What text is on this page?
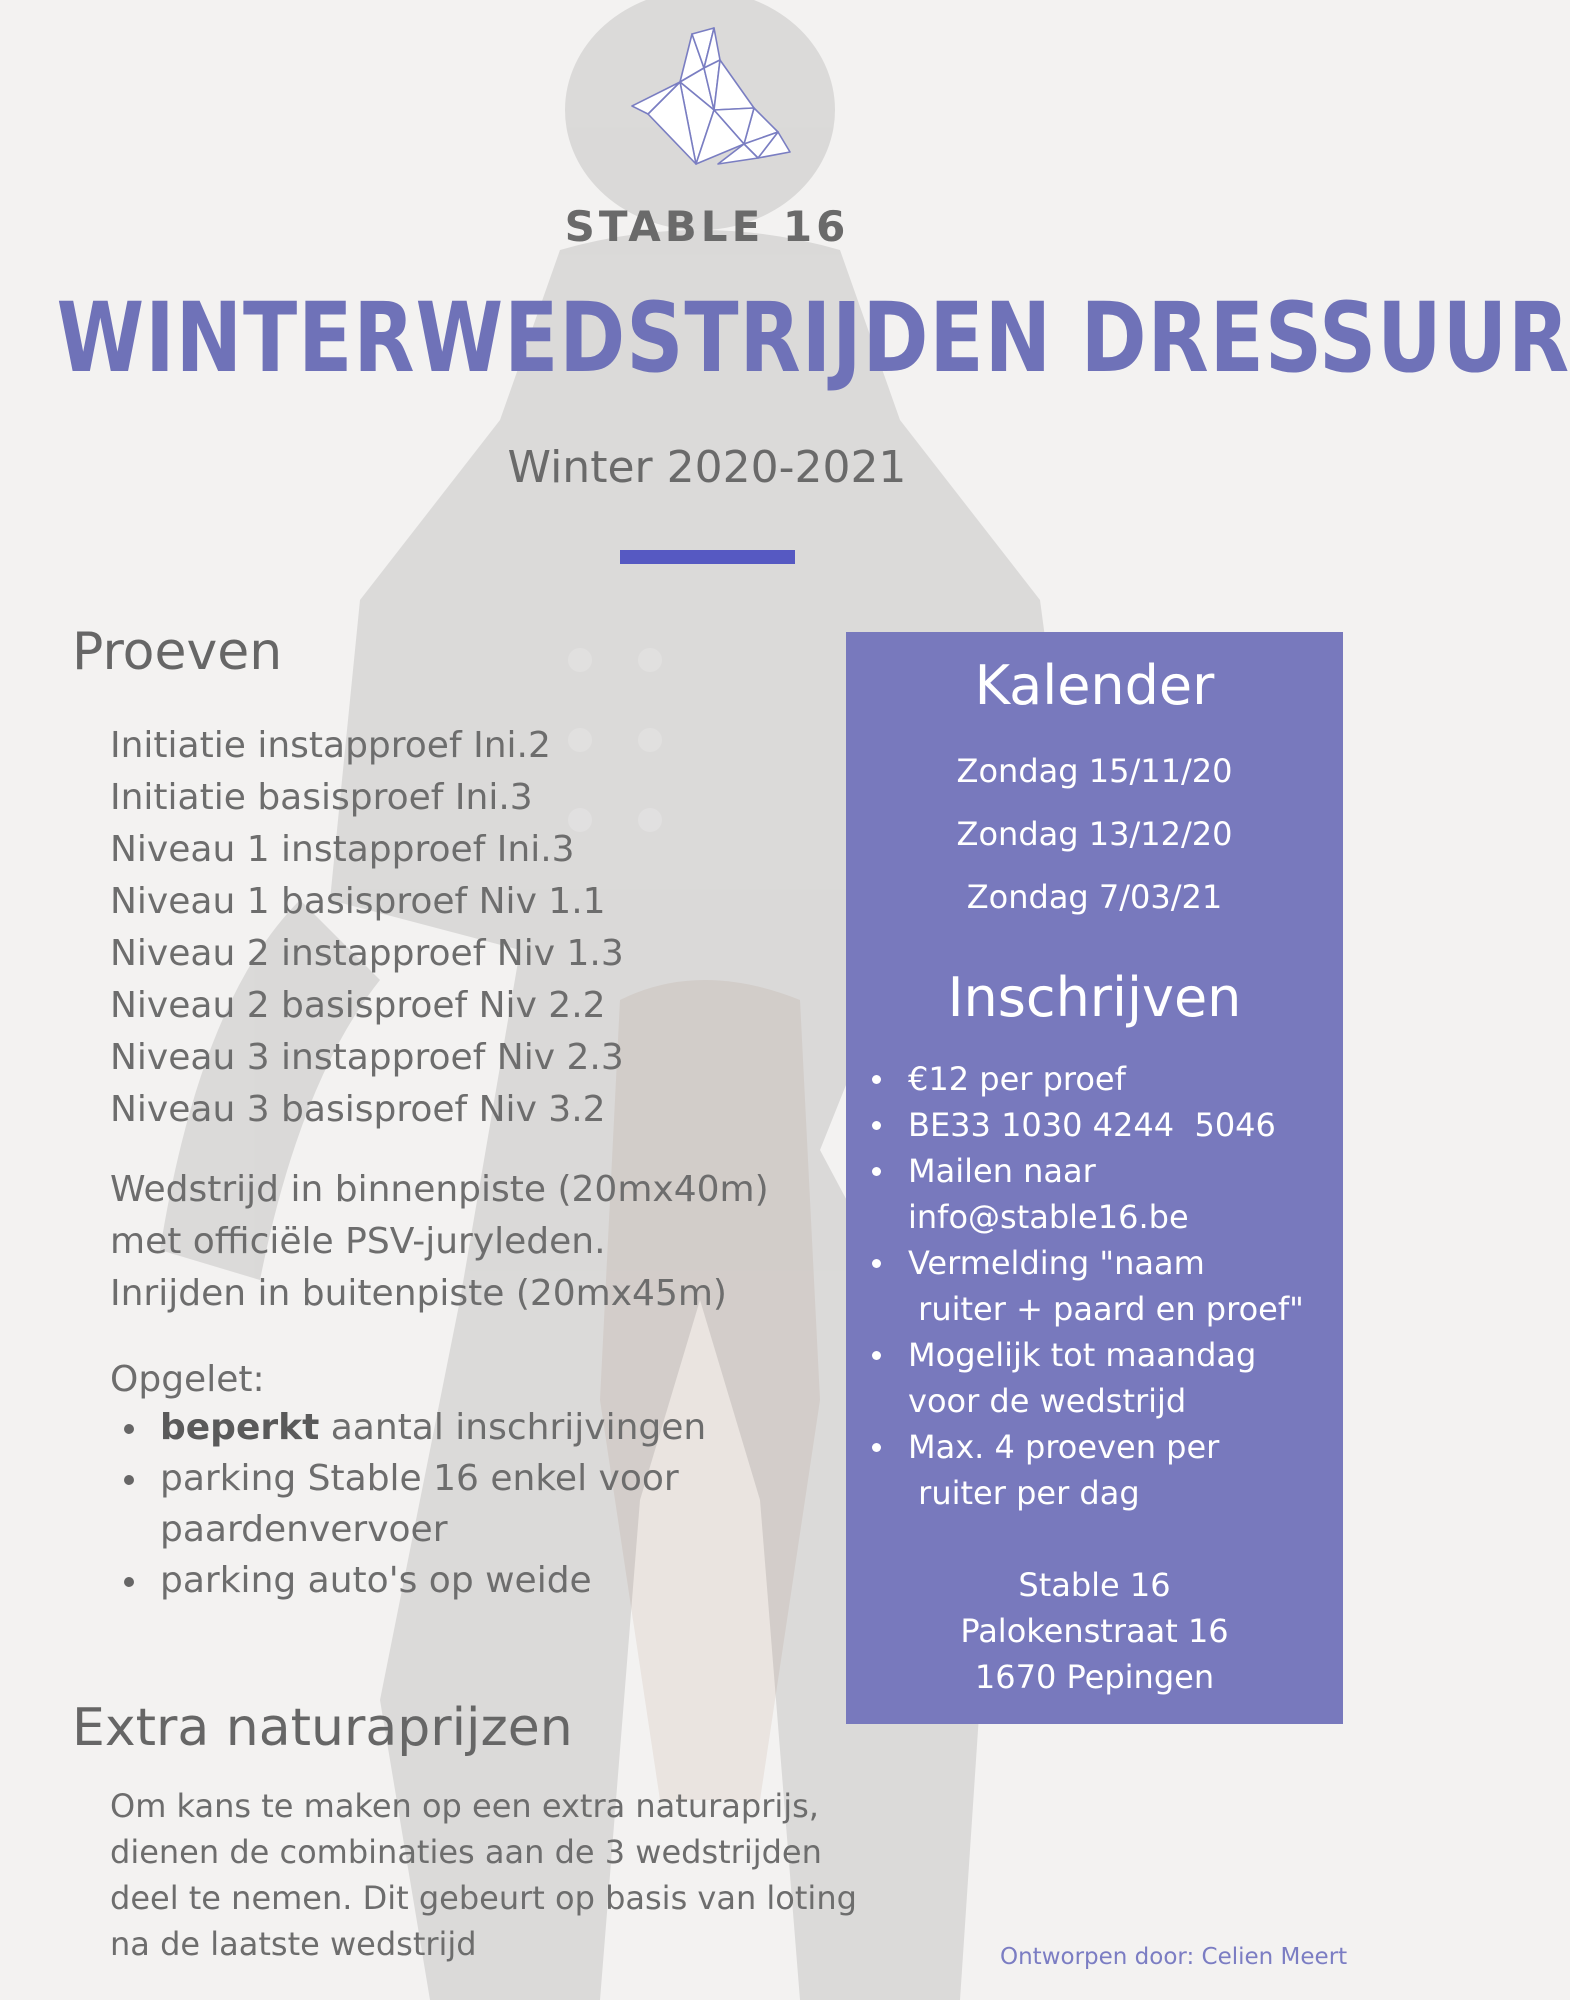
STABLE 16
WINTERWEDSTRIJDEN DRESSUUR
Winter 2020-2021
Proeven
Initiatie instapproef Ini.2
Initiatie basisproef Ini.3
Niveau 1 instapproef Ini.3
Niveau 1 basisproef Niv 1.1
Niveau 2 instapproef Niv 1.3
Niveau 2 basisproef Niv 2.2
Niveau 3 instapproef Niv 2.3
Niveau 3 basisproef Niv 3.2
Wedstrijd in binnenpiste (20mx40m)
met officiële PSV-juryleden.
Inrijden in buitenpiste (20mx45m)
Opgelet:
beperkt aantal inschrijvingen
parking Stable 16 enkel voor
paardenvervoer
parking auto's op weide
Extra naturaprijzen
Om kans te maken op een extra naturaprijs,
dienen de combinaties aan de 3 wedstrijden
deel te nemen. Dit gebeurt op basis van loting
na de laatste wedstrijd
Kalender
Zondag 15/11/20
Zondag 13/12/20
Zondag 7/03/21
Inschrijven
€12 per proef
BE33 1030 4244  5046
Mailen naar
info@stable16.be
Vermelding "naam
ruiter + paard en proef"
Mogelijk tot maandag
voor de wedstrijd
Max. 4 proeven per
ruiter per dag
Stable 16
Palokenstraat 16
1670 Pepingen
Ontworpen door: Celien Meert
